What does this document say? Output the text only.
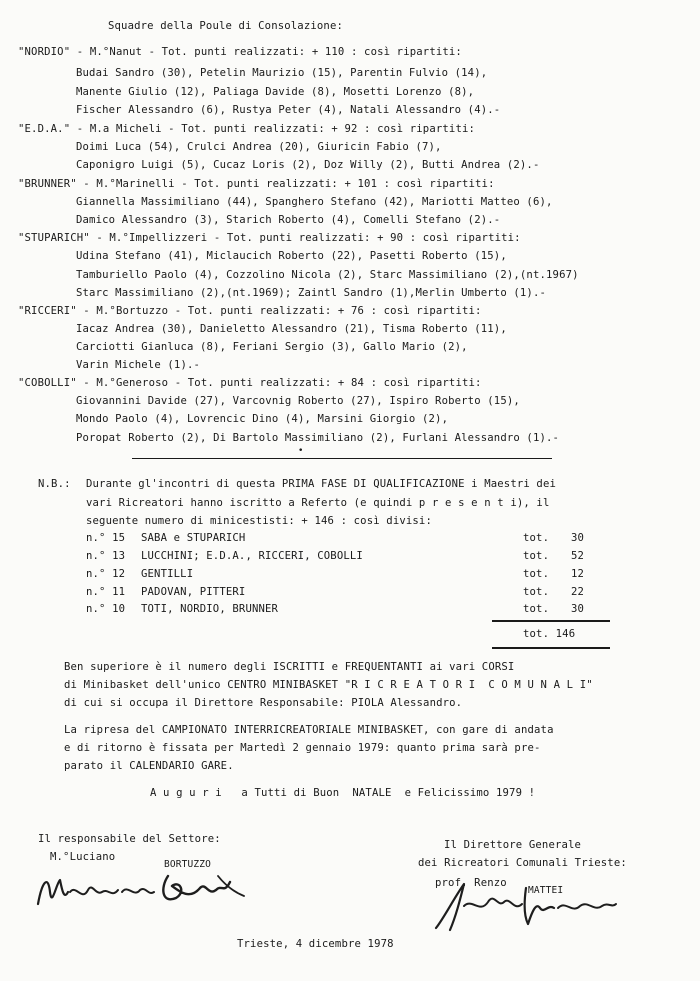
Squadre della Poule di Consolazione:
"NORDIO" - M.°Nanut - Tot. punti realizzati: + 110 : così ripartiti:
Budai Sandro (30), Petelin Maurizio (15), Parentin Fulvio (14),
Manente Giulio (12), Paliaga Davide (8), Mosetti Lorenzo (8),
Fischer Alessandro (6), Rustya Peter (4), Natali Alessandro (4).-
"E.D.A." - M.a Micheli - Tot. punti realizzati: + 92 : così ripartiti:
Doimi Luca (54), Crulci Andrea (20), Giuricin Fabio (7),
Caponigro Luigi (5), Cucaz Loris (2), Doz Willy (2), Butti Andrea (2).-
"BRUNNER" - M.°Marinelli - Tot. punti realizzati: + 101 : così ripartiti:
Giannella Massimiliano (44), Spanghero Stefano (42), Mariotti Matteo (6),
Damico Alessandro (3), Starich Roberto (4), Comelli Stefano (2).-
"STUPARICH" - M.°Impellizzeri - Tot. punti realizzati: + 90 : così ripartiti:
Udina Stefano (41), Miclaucich Roberto (22), Pasetti Roberto (15),
Tamburiello Paolo (4), Cozzolino Nicola (2), Starc Massimiliano (2),(nt.1967)
Starc Massimiliano (2),(nt.1969); Zaintl Sandro (1),Merlin Umberto (1).-
"RICCERI" - M.°Bortuzzo - Tot. punti realizzati: + 76 : così ripartiti:
Iacaz Andrea (30), Danieletto Alessandro (21), Tisma Roberto (11),
Carciotti Gianluca (8), Feriani Sergio (3), Gallo Mario (2),
Varin Michele (1).-
"COBOLLI" - M.°Generoso - Tot. punti realizzati: + 84 : così ripartiti:
Giovannini Davide (27), Varcovnig Roberto (27), Ispiro Roberto (15),
Mondo Paolo (4), Lovrencic Dino (4), Marsini Giorgio (2),
Poropat Roberto (2), Di Bartolo Massimiliano (2), Furlani Alessandro (1).-
•
N.B.: Durante gl'incontri di questa PRIMA FASE DI QUALIFICAZIONE i Maestri dei
vari Ricreatori hanno iscritto a Referto (e quindi p r e s e n t i), il
seguente numero di minicestisti: + 146 : così divisi:
n.° 15 SABA e STUPARICH	tot. 30
n.° 13 LUCCHINI; E.D.A., RICCERI, COBOLLI	tot. 52
n.° 12 GENTILLI	tot. 12
n.° 11 PADOVAN, PITTERI	tot. 22
n.° 10 TOTI, NORDIO, BRUNNER	tot. 30
tot. 146
Ben superiore è il numero degli ISCRITTI e FREQUENTANTI ai vari CORSI
di Minibasket dell'unico CENTRO MINIBASKET "R I C R E A T O R I  C O M U N A L I"
di cui si occupa il Direttore Responsabile: PIOLA Alessandro.
La ripresa del CAMPIONATO INTERRICREATORIALE MINIBASKET, con gare di andata
e di ritorno è fissata per Martedì 2 gennaio 1979: quanto prima sarà pre-
parato il CALENDARIO GARE.
A u g u r i   a Tutti di Buon  NATALE  e Felicissimo 1979 !
Il responsabile del Settore:
M.°Luciano
BORTUZZO
Il Direttore Generale
dei Ricreatori Comunali Trieste:
prof. Renzo
MATTEI
Trieste, 4 dicembre 1978
